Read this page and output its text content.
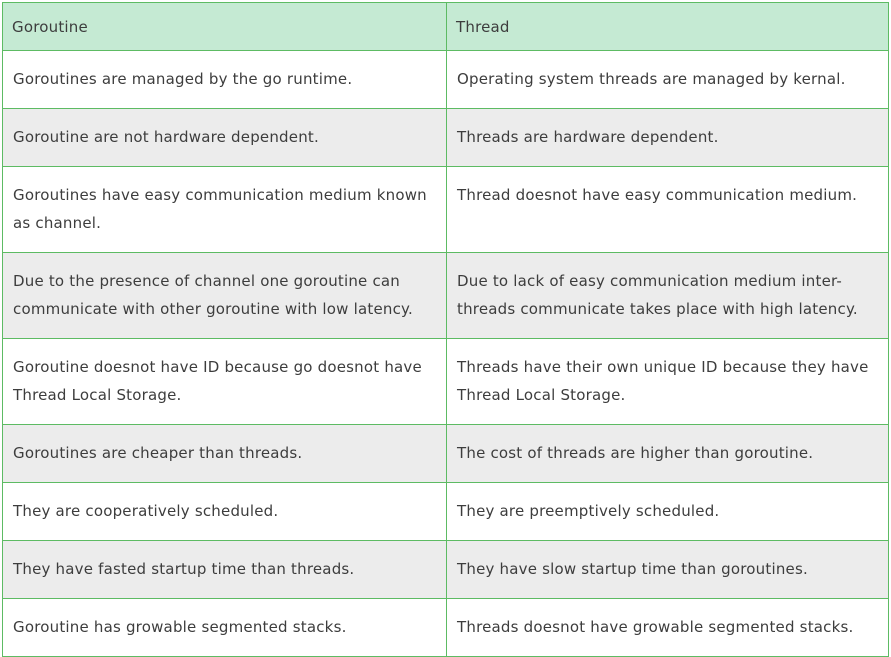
Goroutine	Thread
Goroutines are managed by the go runtime.	Operating system threads are managed by kernal.
Goroutine are not hardware dependent.	Threads are hardware dependent.
Goroutines have easy communication medium known as channel.	Thread doesnot have easy communication medium.
Due to the presence of channel one goroutine can communicate with other goroutine with low latency.	Due to lack of easy communication medium inter-threads communicate takes place with high latency.
Goroutine doesnot have ID because go doesnot have Thread Local Storage.	Threads have their own unique ID because they have Thread Local Storage.
Goroutines are cheaper than threads.	The cost of threads are higher than goroutine.
They are cooperatively scheduled.	They are preemptively scheduled.
They have fasted startup time than threads.	They have slow startup time than goroutines.
Goroutine has growable segmented stacks.	Threads doesnot have growable segmented stacks.
